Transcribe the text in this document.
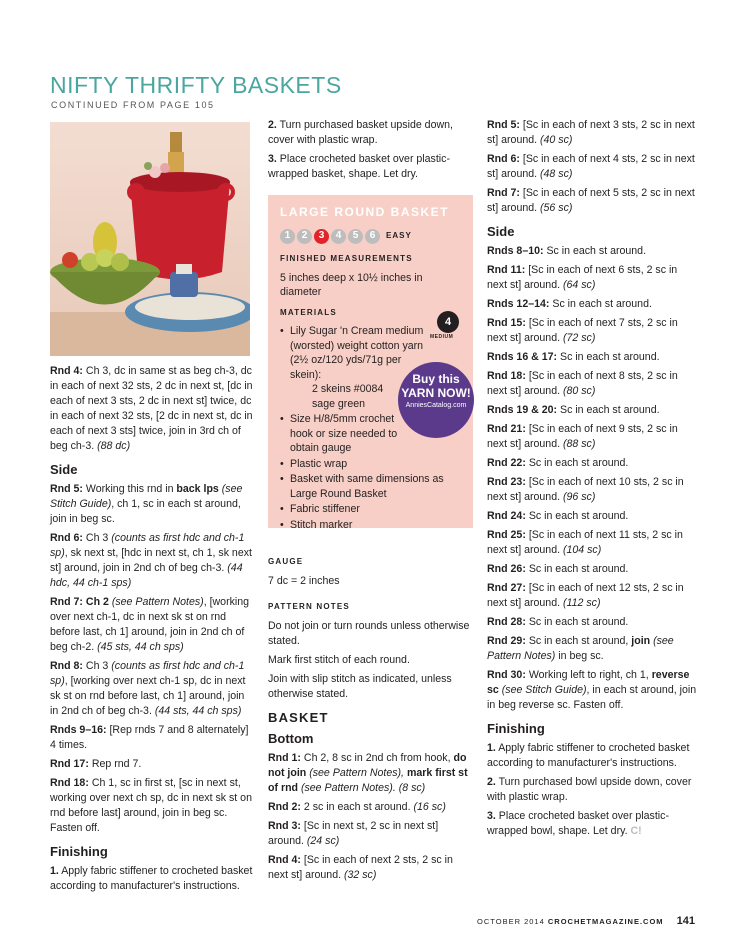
NIFTY THRIFTY BASKETS
CONTINUED FROM PAGE 105
Rnd 4: Ch 3, dc in same st as beg ch-3, dc in each of next 32 sts, 2 dc in next st, [dc in each of next 3 sts, 2 dc in next st] twice, dc in each of next 32 sts, [2 dc in next st, dc in each of next 3 sts] twice, join in 3rd ch of beg ch-3. (88 dc)
Side
Rnd 5: Working this rnd in back lps (see Stitch Guide), ch 1, sc in each st around, join in beg sc.
Rnd 6: Ch 3 (counts as first hdc and ch-1 sp), sk next st, [hdc in next st, ch 1, sk next st] around, join in 2nd ch of beg ch-3. (44 hdc, 44 ch-1 sps)
Rnd 7: Ch 2 (see Pattern Notes), [working over next ch-1, dc in next sk st on rnd before last, ch 1] around, join in 2nd ch of beg ch-2. (45 sts, 44 ch sps)
Rnd 8: Ch 3 (counts as first hdc and ch-1 sp), [working over next ch-1 sp, dc in next sk st on rnd before last, ch 1] around, join in 2nd ch of beg ch-3. (44 sts, 44 ch sps)
Rnds 9–16: [Rep rnds 7 and 8 alternately] 4 times.
Rnd 17: Rep rnd 7.
Rnd 18: Ch 1, sc in first st, [sc in next st, working over next ch sp, dc in next sk st on rnd before last] around, join in beg sc. Fasten off.
Finishing
1. Apply fabric stiffener to crocheted basket according to manufacturer's instructions.
2. Turn purchased basket upside down, cover with plastic wrap.
3. Place crocheted basket over plastic-wrapped basket, shape. Let dry.
LARGE ROUND BASKET
1	2	3	4	5	6	EASY
FINISHED MEASUREMENTS
5 inches deep x 10½ inches in diameter
MATERIALS
• Lily Sugar 'n Cream medium (worsted) weight cotton yarn (2½ oz/120 yds/71g per skein):
2 skeins #0084 sage green
• Size H/8/5mm crochet hook or size needed to obtain gauge
• Plastic wrap
• Basket with same dimensions as Large Round Basket
• Fabric stiffener
• Stitch marker
4
MEDIUM
Buy this
YARN NOW!
AnniesCatalog.com
GAUGE
7 dc = 2 inches
PATTERN NOTES
Do not join or turn rounds unless otherwise stated.
Mark first stitch of each round.
Join with slip stitch as indicated, unless otherwise stated.
BASKET
Bottom
Rnd 1: Ch 2, 8 sc in 2nd ch from hook, do not join (see Pattern Notes), mark first st of rnd (see Pattern Notes). (8 sc)
Rnd 2: 2 sc in each st around. (16 sc)
Rnd 3: [Sc in next st, 2 sc in next st] around. (24 sc)
Rnd 4: [Sc in each of next 2 sts, 2 sc in next st] around. (32 sc)
Rnd 5: [Sc in each of next 3 sts, 2 sc in next st] around. (40 sc)
Rnd 6: [Sc in each of next 4 sts, 2 sc in next st] around. (48 sc)
Rnd 7: [Sc in each of next 5 sts, 2 sc in next st] around. (56 sc)
Side
Rnds 8–10: Sc in each st around.
Rnd 11: [Sc in each of next 6 sts, 2 sc in next st] around. (64 sc)
Rnds 12–14: Sc in each st around.
Rnd 15: [Sc in each of next 7 sts, 2 sc in next st] around. (72 sc)
Rnds 16 & 17: Sc in each st around.
Rnd 18: [Sc in each of next 8 sts, 2 sc in next st] around. (80 sc)
Rnds 19 & 20: Sc in each st around.
Rnd 21: [Sc in each of next 9 sts, 2 sc in next st] around. (88 sc)
Rnd 22: Sc in each st around.
Rnd 23: [Sc in each of next 10 sts, 2 sc in next st] around. (96 sc)
Rnd 24: Sc in each st around.
Rnd 25: [Sc in each of next 11 sts, 2 sc in next st] around. (104 sc)
Rnd 26: Sc in each st around.
Rnd 27: [Sc in each of next 12 sts, 2 sc in next st] around. (112 sc)
Rnd 28: Sc in each st around.
Rnd 29: Sc in each st around, join (see Pattern Notes) in beg sc.
Rnd 30: Working left to right, ch 1, reverse sc (see Stitch Guide), in each st around, join in beg reverse sc. Fasten off.
Finishing
1. Apply fabric stiffener to crocheted basket according to manufacturer's instructions.
2. Turn purchased bowl upside down, cover with plastic wrap.
3. Place crocheted basket over plastic-wrapped bowl, shape. Let dry. C!
OCTOBER 2014 CROCHETMAGAZINE.COM 141
